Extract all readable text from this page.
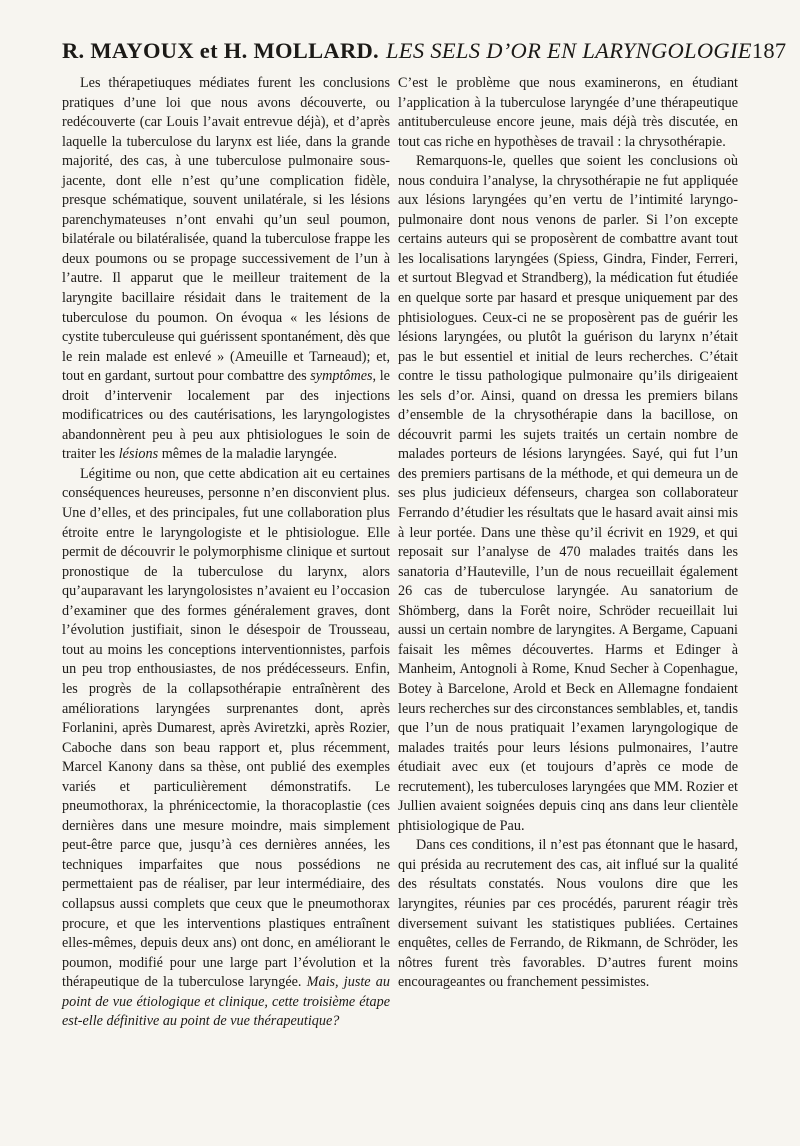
R. MAYOUX et H. MOLLARD. LES SELS D’OR EN LARYNGOLOGIE 187

Les thérapetiuques médiates furent les conclusions pratiques d’une loi que nous avons découverte, ou redécouverte (car Louis l’avait entrevue déjà), et d’après laquelle la tuberculose du larynx est liée, dans la grande majorité, des cas, à une tuberculose pulmonaire sous-jacente, dont elle n’est qu’une complication fidèle, presque schématique, souvent unilatérale, si les lésions parenchymateuses n’ont envahi qu’un seul poumon, bilatérale ou bilatéralisée, quand la tuberculose frappe les deux poumons ou se propage successivement de l’un à l’autre. Il apparut que le meilleur traitement de la laryngite bacillaire résidait dans le traitement de la tuberculose du poumon. On évoqua « les lésions de cystite tuberculeuse qui guérissent spontanément, dès que le rein malade est enlevé » (Ameuille et Tarneaud); et, tout en gardant, surtout pour combattre des symptômes, le droit d’intervenir localement par des injections modificatrices ou des cautérisations, les laryngologistes abandonnèrent peu à peu aux phtisiologues le soin de traiter les lésions mêmes de la maladie laryngée.

Légitime ou non, que cette abdication ait eu certaines conséquences heureuses, personne n’en disconvient plus. Une d’elles, et des principales, fut une collaboration plus étroite entre le laryngologiste et le phtisiologue. Elle permit de découvrir le polymorphisme clinique et surtout pronostique de la tuberculose du larynx, alors qu’auparavant les laryngolosistes n’avaient eu l’occasion d’examiner que des formes généralement graves, dont l’évolution justifiait, sinon le désespoir de Trousseau, tout au moins les conceptions interventionnistes, parfois un peu trop enthousiastes, de nos prédécesseurs. Enfin, les progrès de la collapsothérapie entraînèrent des améliorations laryngées surprenantes dont, après Forlanini, après Dumarest, après Aviretzki, après Rozier, Caboche dans son beau rapport et, plus récemment, Marcel Kanony dans sa thèse, ont publié des exemples variés et particulièrement démonstratifs. Le pneumothorax, la phrénicectomie, la thoracoplastie (ces dernières dans une mesure moindre, mais simplement peut-être parce que, jusqu’à ces dernières années, les techniques imparfaites que nous possédions ne permettaient pas de réaliser, par leur intermédiaire, des collapsus aussi complets que ceux que le pneumothorax procure, et que les interventions plastiques entraînent elles-mêmes, depuis deux ans) ont donc, en améliorant le poumon, modifié pour une large part l’évolution et la thérapeutique de la tuberculose laryngée. Mais, juste au point de vue étiologique et clinique, cette troisième étape est-elle définitive au point de vue thérapeutique?

C’est le problème que nous examinerons, en étudiant l’application à la tuberculose laryngée d’une thérapeutique antituberculeuse encore jeune, mais déjà très discutée, en tout cas riche en hypothèses de travail : la chrysothérapie.

Remarquons-le, quelles que soient les conclusions où nous conduira l’analyse, la chrysothérapie ne fut appliquée aux lésions laryngées qu’en vertu de l’intimité laryngo-pulmonaire dont nous venons de parler. Si l’on excepte certains auteurs qui se proposèrent de combattre avant tout les localisations laryngées (Spiess, Gindra, Finder, Ferreri, et surtout Blegvad et Strandberg), la médication fut étudiée en quelque sorte par hasard et presque uniquement par des phtisiologues. Ceux-ci ne se proposèrent pas de guérir les lésions laryngées, ou plutôt la guérison du larynx n’était pas le but essentiel et initial de leurs recherches. C’était contre le tissu pathologique pulmonaire qu’ils dirigeaient les sels d’or. Ainsi, quand on dressa les premiers bilans d’ensemble de la chrysothérapie dans la bacillose, on découvrit parmi les sujets traités un certain nombre de malades porteurs de lésions laryngées. Sayé, qui fut l’un des premiers partisans de la méthode, et qui demeura un de ses plus judicieux défenseurs, chargea son collaborateur Ferrando d’étudier les résultats que le hasard avait ainsi mis à leur portée. Dans une thèse qu’il écrivit en 1929, et qui reposait sur l’analyse de 470 malades traités dans les sanatoria d’Hauteville, l’un de nous recueillait également 26 cas de tuberculose laryngée. Au sanatorium de Shömberg, dans la Forêt noire, Schröder recueillait lui aussi un certain nombre de laryngites. A Bergame, Capuani faisait les mêmes découvertes. Harms et Edinger à Manheim, Antognoli à Rome, Knud Secher à Copenhague, Botey à Barcelone, Arold et Beck en Allemagne fondaient leurs recherches sur des circonstances semblables, et, tandis que l’un de nous pratiquait l’examen laryngologique de malades traités pour leurs lésions pulmonaires, l’autre étudiait avec eux (et toujours d’après ce mode de recrutement), les tuberculoses laryngées que MM. Rozier et Jullien avaient soignées depuis cinq ans dans leur clientèle phtisiologique de Pau.

Dans ces conditions, il n’est pas étonnant que le hasard, qui présida au recrutement des cas, ait influé sur la qualité des résultats constatés. Nous voulons dire que les laryngites, réunies par ces procédés, parurent réagir très diversement suivant les statistiques publiées. Certaines enquêtes, celles de Ferrando, de Rikmann, de Schröder, les nôtres furent très favorables. D’autres furent moins encourageantes ou franchement pessimistes.
